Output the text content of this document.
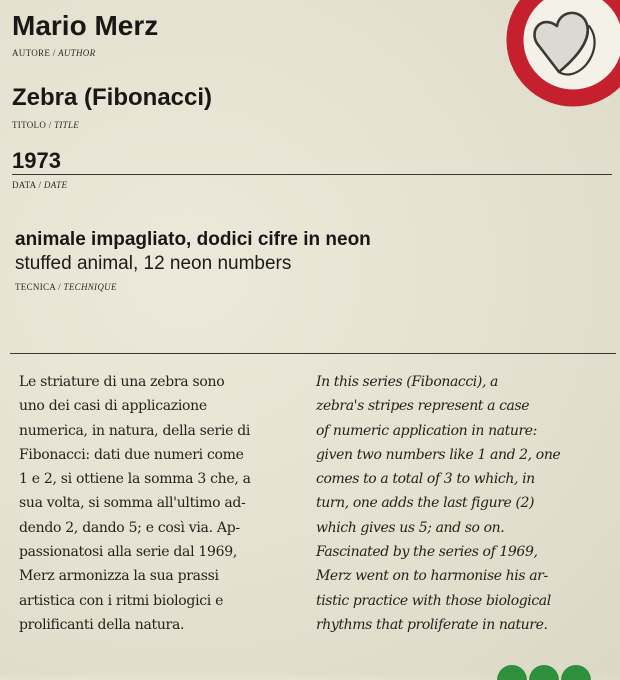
Mario Merz
AUTORE / AUTHOR
Zebra (Fibonacci)
TITOLO / TITLE
1973
DATA / DATE
animale impagliato, dodici cifre in neon
stuffed animal, 12 neon numbers
TECNICA / TECHNIQUE
Le striature di una zebra sono
uno dei casi di applicazione
numerica, in natura, della serie di
Fibonacci: dati due numeri come
1 e 2, si ottiene la somma 3 che, a
sua volta, si somma all'ultimo ad-
dendo 2, dando 5; e così via. Ap-
passionatosi alla serie dal 1969,
Merz armonizza la sua prassi
artistica con i ritmi biologici e
prolificanti della natura.
In this series (Fibonacci), a
zebra's stripes represent a case
of numeric application in nature:
given two numbers like 1 and 2, one
comes to a total of 3 to which, in
turn, one adds the last figure (2)
which gives us 5; and so on.
Fascinated by the series of 1969,
Merz went on to harmonise his ar-
tistic practice with those biological
rhythms that proliferate in nature.
